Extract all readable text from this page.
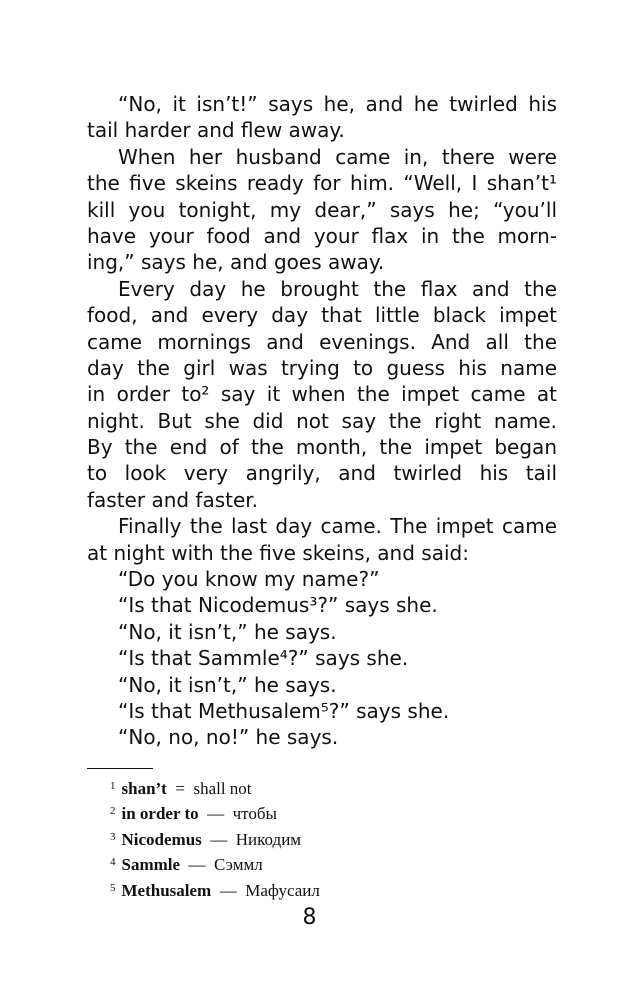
“No, it isn’t!” says he, and he twirled his
tail harder and flew away.
When her husband came in, there were
the five skeins ready for him. “Well, I shan’t¹
kill you tonight, my dear,” says he; “you’ll
have your food and your flax in the morn-
ing,” says he, and goes away.
Every day he brought the flax and the
food, and every day that little black impet
came mornings and evenings. And all the
day the girl was trying to guess his name
in order to² say it when the impet came at
night. But she did not say the right name.
By the end of the month, the impet began
to look very angrily, and twirled his tail
faster and faster.
Finally the last day came. The impet came
at night with the five skeins, and said:
“Do you know my name?”
“Is that Nicodemus³?” says she.
“No, it isn’t,” he says.
“Is that Sammle⁴?” says she.
“No, it isn’t,” he says.
“Is that Methusalem⁵?” says she.
“No, no, no!” he says.
$^1$ shan’t = shall not
$^2$ in order to — чтобы
$^3$ Nicodemus — Никодим
$^4$ Sammle — Сэммл
$^5$ Methusalem — Мафусаил
8
